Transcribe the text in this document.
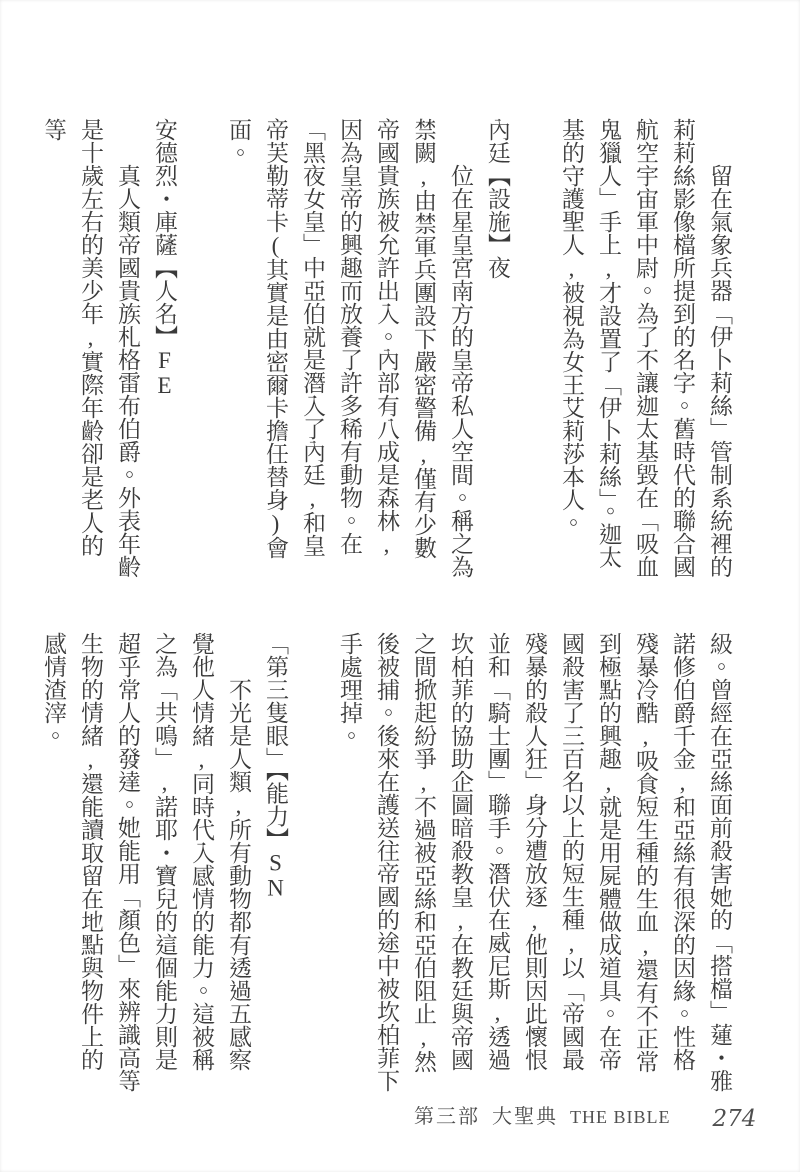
留在氣象兵器「伊卜莉絲」管制系統裡的莉莉絲影像檔所提到的名字。舊時代的聯合國航空宇宙軍中尉。為了不讓迦太基毀在「吸血鬼獵人」手上,才設置了「伊卜莉絲」。迦太基的守護聖人,被視為女王艾莉莎本人。

內廷【設施】夜

位在星皇宮南方的皇帝私人空間。稱之為禁闕,由禁軍兵團設下嚴密警備,僅有少數帝國貴族被允許出入。內部有八成是森林,因為皇帝的興趣而放養了許多稀有動物。在「黑夜女皇」中亞伯就是潛入了內廷,和皇帝芙勒蒂卡(其實是由密爾卡擔任替身)會面。

安德烈・庫薩【人名】FE

真人類帝國貴族札格雷布伯爵。外表年齡是十歲左右的美少年,實際年齡卻是老人的等

級。曾經在亞絲面前殺害她的「搭檔」蓮・雅諾修伯爵千金,和亞絲有很深的因緣。性格殘暴冷酷,吸食短生種的生血,還有不正常到極點的興趣,就是用屍體做成道具。在帝國殺害了三百名以上的短生種,以「帝國最殘暴的殺人狂」身分遭放逐,他則因此懷恨並和「騎士團」聯手。潛伏在威尼斯,透過坎柏菲的協助企圖暗殺教皇,在教廷與帝國之間掀起紛爭,不過被亞絲和亞伯阻止,然後被捕。後來在護送往帝國的途中被坎柏菲下手處理掉。

「第三隻眼」【能力】SN

不光是人類,所有動物都有透過五感察覺他人情緒,同時代入感情的能力。這被稱之為「共鳴」,諾耶・寶兒的這個能力則是超乎常人的發達。她能用「顏色」來辨識高等生物的情緒,還能讀取留在地點與物件上的感情渣滓。

第三部 大聖典 THE BIBLE 274
